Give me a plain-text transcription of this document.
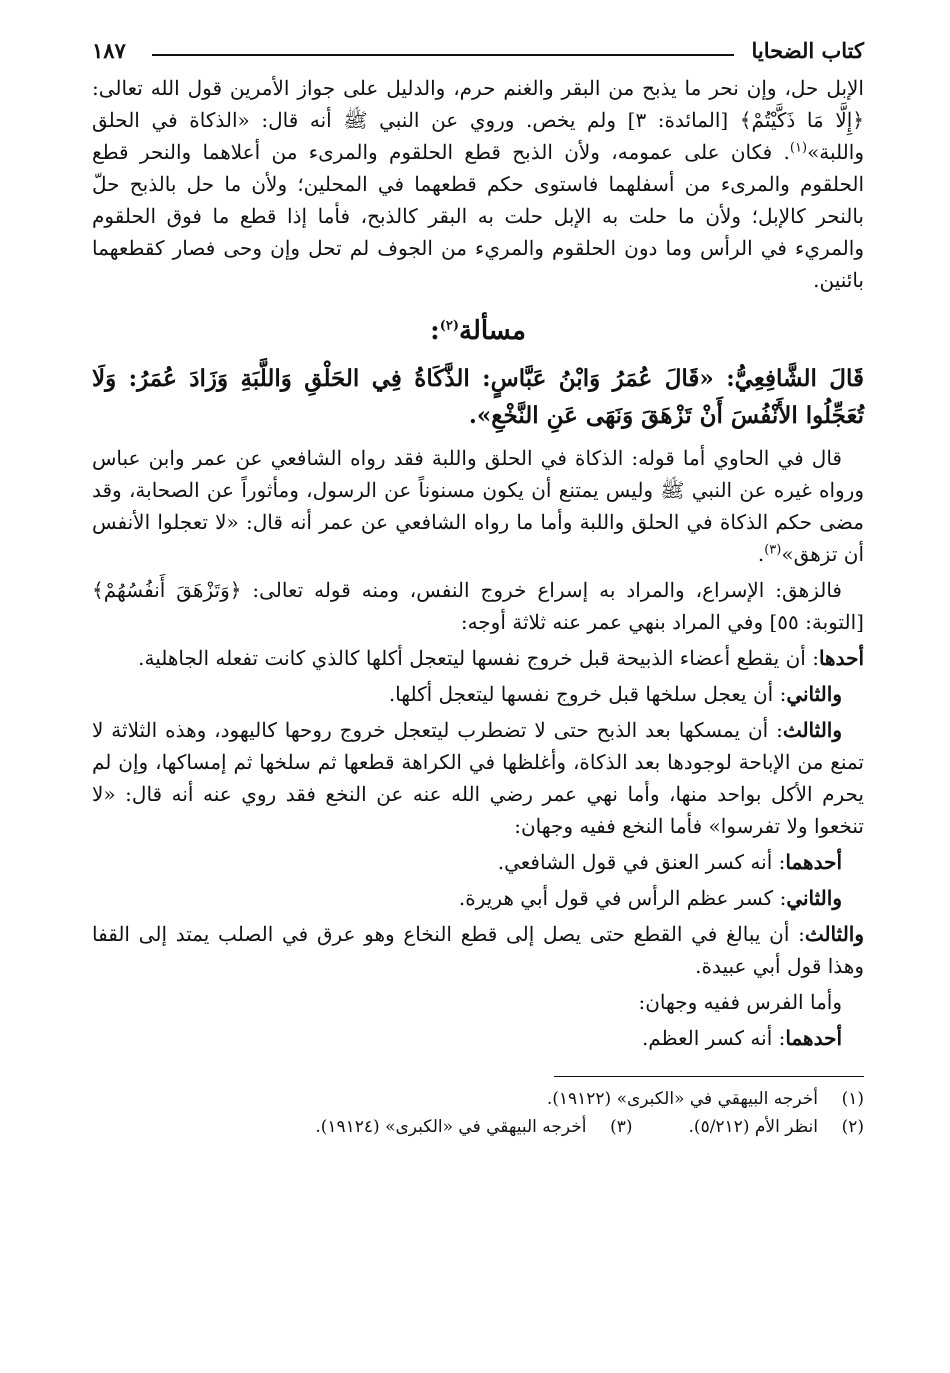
كتاب الضحايا
١٨٧

الإبل حل، وإن نحر ما يذبح من البقر والغنم حرم، والدليل على جواز الأمرين قول الله تعالى: ﴿إِلَّا مَا ذَكَّيْتُمْ﴾ [المائدة: ٣] ولم يخص. وروي عن النبي ﷺ أنه قال: «الذكاة في الحلق واللبة»$^{(١)}$. فكان على عمومه، ولأن الذبح قطع الحلقوم والمرىء من أعلاهما والنحر قطع الحلقوم والمرىء من أسفلهما فاستوى حكم قطعهما في المحلين؛ ولأن ما حل بالذبح حلّ بالنحر كالإبل؛ ولأن ما حلت به الإبل حلت به البقر كالذبح، فأما إذا قطع ما فوق الحلقوم والمريء في الرأس وما دون الحلقوم والمريء من الجوف لم تحل وإن وحى فصار كقطعهما بائنين.

مسألة$^{(٢)}$:

قَالَ الشَّافِعِيُّ: «قَالَ عُمَرُ وَابْنُ عَبَّاسٍ: الذَّكَاةُ فِي الحَلْقِ وَاللَّبَةِ وَزَادَ عُمَرُ: وَلَا تُعَجِّلُوا الأَنْفُسَ أَنْ تَزْهَقَ وَنَهَى عَنِ النَّخْعِ».

قال في الحاوي أما قوله: الذكاة في الحلق واللبة فقد رواه الشافعي عن عمر وابن عباس ورواه غيره عن النبي ﷺ وليس يمتنع أن يكون مسنوناً عن الرسول، ومأثوراً عن الصحابة، وقد مضى حكم الذكاة في الحلق واللبة وأما ما رواه الشافعي عن عمر أنه قال: «لا تعجلوا الأنفس أن تزهق»$^{(٣)}$.

فالزهق: الإسراع، والمراد به إسراع خروج النفس، ومنه قوله تعالى: ﴿وَتَزْهَقَ أَنفُسُهُمْ﴾ [التوبة: ٥٥] وفي المراد بنهي عمر عنه ثلاثة أوجه:

أحدها: أن يقطع أعضاء الذبيحة قبل خروج نفسها ليتعجل أكلها كالذي كانت تفعله الجاهلية.

والثاني: أن يعجل سلخها قبل خروج نفسها ليتعجل أكلها.

والثالث: أن يمسكها بعد الذبح حتى لا تضطرب ليتعجل خروج روحها كاليهود، وهذه الثلاثة لا تمنع من الإباحة لوجودها بعد الذكاة، وأغلظها في الكراهة قطعها ثم سلخها ثم إمساكها، وإن لم يحرم الأكل بواحد منها، وأما نهي عمر رضي الله عنه عن النخع فقد روي عنه أنه قال: «لا تنخعوا ولا تفرسوا» فأما النخع ففيه وجهان:

أحدهما: أنه كسر العنق في قول الشافعي.

والثاني: كسر عظم الرأس في قول أبي هريرة.

والثالث: أن يبالغ في القطع حتى يصل إلى قطع النخاع وهو عرق في الصلب يمتد إلى القفا وهذا قول أبي عبيدة.

وأما الفرس ففيه وجهان:

أحدهما: أنه كسر العظم.

(١)
أخرجه البيهقي في «الكبرى» (١٩١٢٢).
(٢)
انظر الأم (٥/٢١٢).
(٣)
أخرجه البيهقي في «الكبرى» (١٩١٢٤).
